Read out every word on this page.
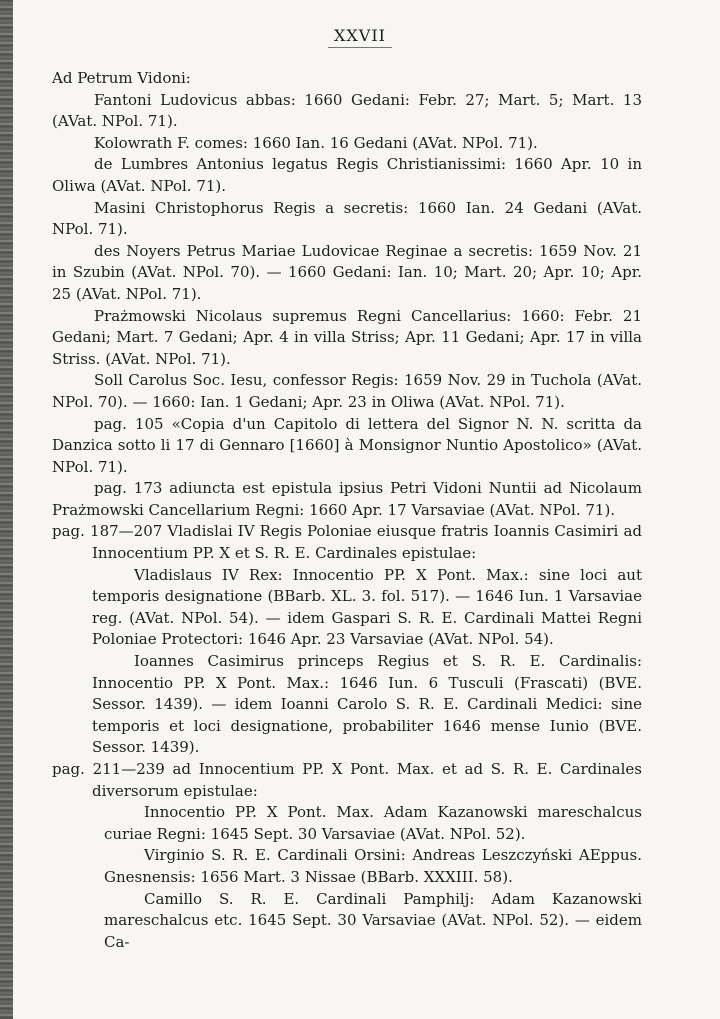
XXVII

Ad Petrum Vidoni:

Fantoni Ludovicus abbas: 1660 Gedani: Febr. 27; Mart. 5; Mart. 13 (AVat. NPol. 71).

Kolowrath F. comes: 1660 Ian. 16 Gedani (AVat. NPol. 71).

de Lumbres Antonius legatus Regis Christianissimi: 1660 Apr. 10 in Oliwa (AVat. NPol. 71).

Masini Christophorus Regis a secretis: 1660 Ian. 24 Gedani (AVat. NPol. 71).

des Noyers Petrus Mariae Ludovicae Reginae a secretis: 1659 Nov. 21 in Szubin (AVat. NPol. 70). — 1660 Gedani: Ian. 10; Mart. 20; Apr. 10; Apr. 25 (AVat. NPol. 71).

Prażmowski Nicolaus supremus Regni Cancellarius: 1660: Febr. 21 Gedani; Mart. 7 Gedani; Apr. 4 in villa Striss; Apr. 11 Gedani; Apr. 17 in villa Striss. (AVat. NPol. 71).

Soll Carolus Soc. Iesu, confessor Regis: 1659 Nov. 29 in Tuchola (AVat. NPol. 70). — 1660: Ian. 1 Gedani; Apr. 23 in Oliwa (AVat. NPol. 71).

pag. 105 «Copia d'un Capitolo di lettera del Signor N. N. scritta da Danzica sotto li 17 di Gennaro [1660] à Monsignor Nuntio Apostolico» (AVat. NPol. 71).

pag. 173 adiuncta est epistula ipsius Petri Vidoni Nuntii ad Nicolaum Prażmowski Cancellarium Regni: 1660 Apr. 17 Varsaviae (AVat. NPol. 71).

pag. 187—207 Vladislai IV Regis Poloniae eiusque fratris Ioannis Casimiri ad Innocentium PP. X et S. R. E. Cardinales epistulae:

Vladislaus IV Rex: Innocentio PP. X Pont. Max.: sine loci aut temporis designatione (BBarb. XL. 3. fol. 517). — 1646 Iun. 1 Varsaviae reg. (AVat. NPol. 54). — idem Gaspari S. R. E. Cardinali Mattei Regni Poloniae Protectori: 1646 Apr. 23 Varsaviae (AVat. NPol. 54).

Ioannes Casimirus princeps Regius et S. R. E. Cardinalis: Innocentio PP. X Pont. Max.: 1646 Iun. 6 Tusculi (Frascati) (BVE. Sessor. 1439). — idem Ioanni Carolo S. R. E. Cardinali Medici: sine temporis et loci designatione, probabiliter 1646 mense Iunio (BVE. Sessor. 1439).

pag. 211—239 ad Innocentium PP. X Pont. Max. et ad S. R. E. Cardinales diversorum epistulae:

Innocentio PP. X Pont. Max. Adam Kazanowski mareschalcus curiae Regni: 1645 Sept. 30 Varsaviae (AVat. NPol. 52).

Virginio S. R. E. Cardinali Orsini: Andreas Leszczyński AEppus. Gnesnensis: 1656 Mart. 3 Nissae (BBarb. XXXIII. 58).

Camillo S. R. E. Cardinali Pamphilj: Adam Kazanowski mareschalcus etc. 1645 Sept. 30 Varsaviae (AVat. NPol. 52). — eidem Ca-
